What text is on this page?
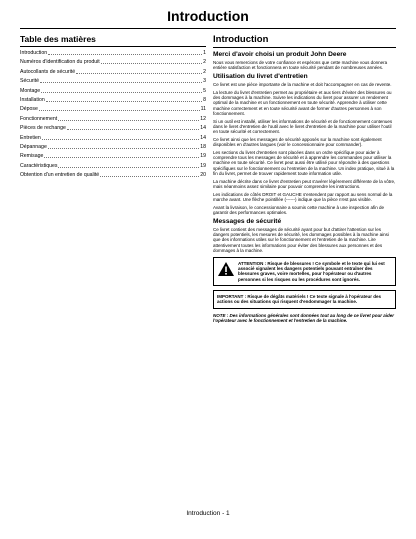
Introduction
Table des matières
Introduction	1
Numéros d'identification du produit	2
Autocollants de sécurité	2
Sécurité	3
Montage	5
Installation	8
Dépose	11
Fonctionnement	12
Pièces de rechange	14
Entretien	14
Dépannage	18
Remisage	19
Caractéristiques	19
Obtention d'un entretien de qualité	20
Introduction
Merci d'avoir choisi un produit John Deere

Nous vous remercions de votre confiance et espérons que cette machine vous donnera entière satisfaction et fonctionnera en toute sécurité pendant de nombreuses années.

Utilisation du livret d'entretien

Ce livret est une pièce importante de la machine et doit l'accompagner en cas de revente.

La lecture du livret d'entretien permet au propriétaire et aux tiers d'éviter des blessures ou des dommages à la machine. Suivre les indications du livret pour assurer un rendement optimal de la machine et un fonctionnement en toute sécurité. Apprendre à utiliser cette machine correctement et en toute sécurité avant de former d'autres personnes à son fonctionnement.

Si un outil est installé, utiliser les informations de sécurité et de fonctionnement contenues dans le livret d'entretien de l'outil avec le livret d'entretien de la machine pour utiliser l'outil en toute sécurité et correctement.

Ce livret ainsi que les messages de sécurité apposés sur la machine sont également disponibles en d'autres langues (voir le concessionnaire pour commander).

Les sections du livret d'entretien sont placées dans un ordre spécifique pour aider à comprendre tous les messages de sécurité et à apprendre les commandes pour utiliser la machine en toute sécurité. Ce livret peut aussi être utilisé pour répondre à des questions spécifiques sur le fonctionnement ou l'entretien de la machine. Un index pratique, situé à la fin du livret, permet de trouver rapidement toute information utile.

La machine décrite dans ce livret d'entretien peut s'avérer légèrement différente de la vôtre, mais néanmoins assez similaire pour pouvoir comprendre les instructions.

Les indications de côtés DROIT et GAUCHE s'entendent par rapport au sens normal de la marche avant. Une flèche pointillée (------) indique que la pièce n'est pas visible.

Avant la livraison, le concessionnaire a soumis cette machine à une inspection afin de garantir des performances optimales.

Messages de sécurité

Ce livret contient des messages de sécurité ayant pour but d'attirer l'attention sur les dangers potentiels, les mesures de sécurité, les dommages possibles à la machine ainsi que des informations utiles sur le fonctionnement et l'entretien de la machine. Lire attentivement toutes les informations pour éviter des blessures aux personnes et des dommages à la machine.

ATTENTION : Risque de blessures ! Ce symbole et le texte qui lui est associé signalent les dangers potentiels pouvant entraîner des blessures graves, voire mortelles, pour l'opérateur ou d'autres personnes si les risques ou les procédures sont ignorés.
IMPORTANT : Risque de dégâts matériels ! Ce texte signale à l'opérateur des actions ou des situations qui risquent d'endommager la machine.
NOTE : Des informations générales sont données tout au long de ce livret pour aider l'opérateur avec le fonctionnement et l'entretien de la machine.
Introduction - 1
